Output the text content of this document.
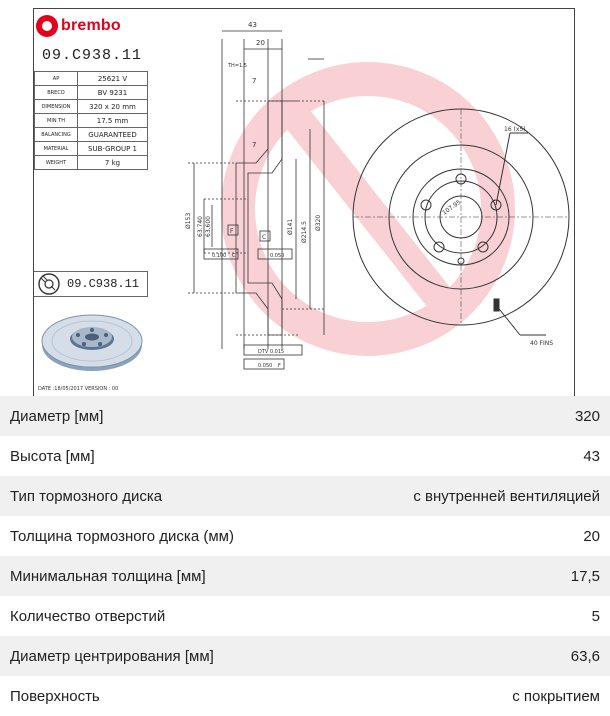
brembo
09.C938.11
AP	25621 V
BRECO	BV 9231
DIMENSION	320 x 20 mm
MIN TH	17.5 mm
BALANCING	GUARANTEED
MATERIAL	SUB-GROUP 1
WEIGHT	7 kg
09.C938.11
DATE :18/05/2017 VERSION : 00
43
20
TH=1.5
7
7
Ø153 63.740 63.600	Ø141 Ø214.5 Ø320
C
F
0.100 C	0.050
DTV 0.015
0.050 F
16 (x5)
107.95
40 FINS
Диаметр [мм]	320
Высота [мм]	43
Тип тормозного диска	с внутренней вентиляцией
Толщина тормозного диска (мм)	20
Минимальная толщина [мм]	17,5
Количество отверстий	5
Диаметр центрирования [мм]	63,6
Поверхность	с покрытием
